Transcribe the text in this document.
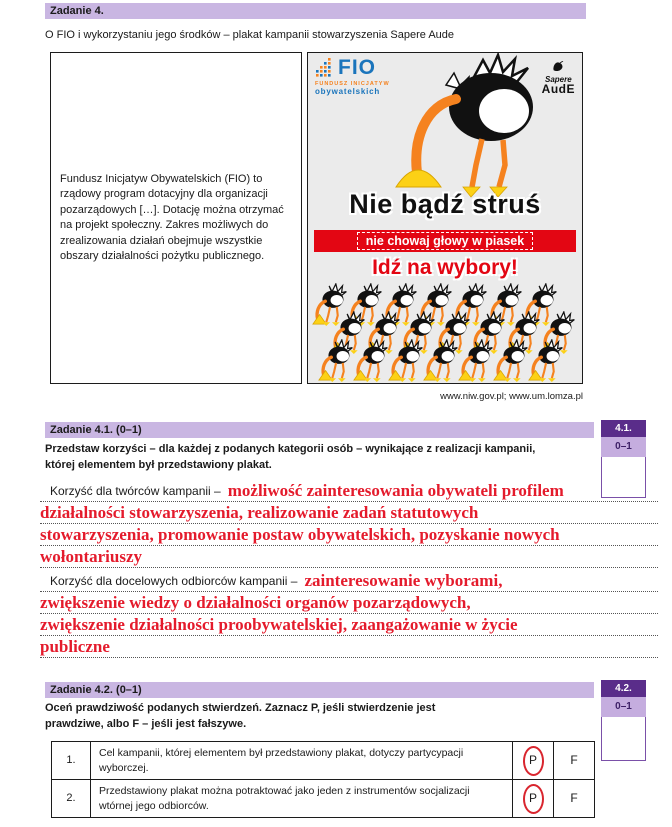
Zadanie 4.
O FIO i wykorzystaniu jego środków – plakat kampanii stowarzyszenia Sapere Aude

Fundusz Inicjatyw Obywatelskich (FIO) to rządowy program dotacyjny dla organizacji pozarządowych […]. Dotację można otrzymać na projekt społeczny. Zakres możliwych do zrealizowania działań obejmuje wszystkie obszary działalności pożytku publicznego.

FIO
FUNDUSZ INICJATYW
obywatelskich
Sapere
AudE
Nie bądź struś
nie chowaj głowy w piasek
Idź na wybory!
www.niw.gov.pl; www.um.lomza.pl
Zadanie 4.1. (0–1)	4.1.
0–1
Przedstaw korzyści – dla każdej z podanych kategorii osób – wynikające z realizacji kampanii, której elementem był przedstawiony plakat.
Korzyść dla twórców kampanii – możliwość zainteresowania obywateli profilem
działalności stowarzyszenia, realizowanie zadań statutowych
stowarzyszenia, promowanie postaw obywatelskich, pozyskanie nowych
wołontariuszy
Korzyść dla docelowych odbiorców kampanii – zainteresowanie wyborami,
zwiększenie wiedzy o działalności organów pozarządowych,
zwiększenie działalności proobywatelskiej, zaangażowanie w życie
publiczne
Zadanie 4.2. (0–1)	4.2.
0–1
Oceń prawdziwość podanych stwierdzeń. Zaznacz P, jeśli stwierdzenie jest prawdziwe, albo F – jeśli jest fałszywe.
1.	Cel kampanii, której elementem był przedstawiony plakat, dotyczy partycypacji wyborczej.	P	F
2.	Przedstawiony plakat można potraktować jako jeden z instrumentów socjalizacji wtórnej jego odbiorców.	P	F
